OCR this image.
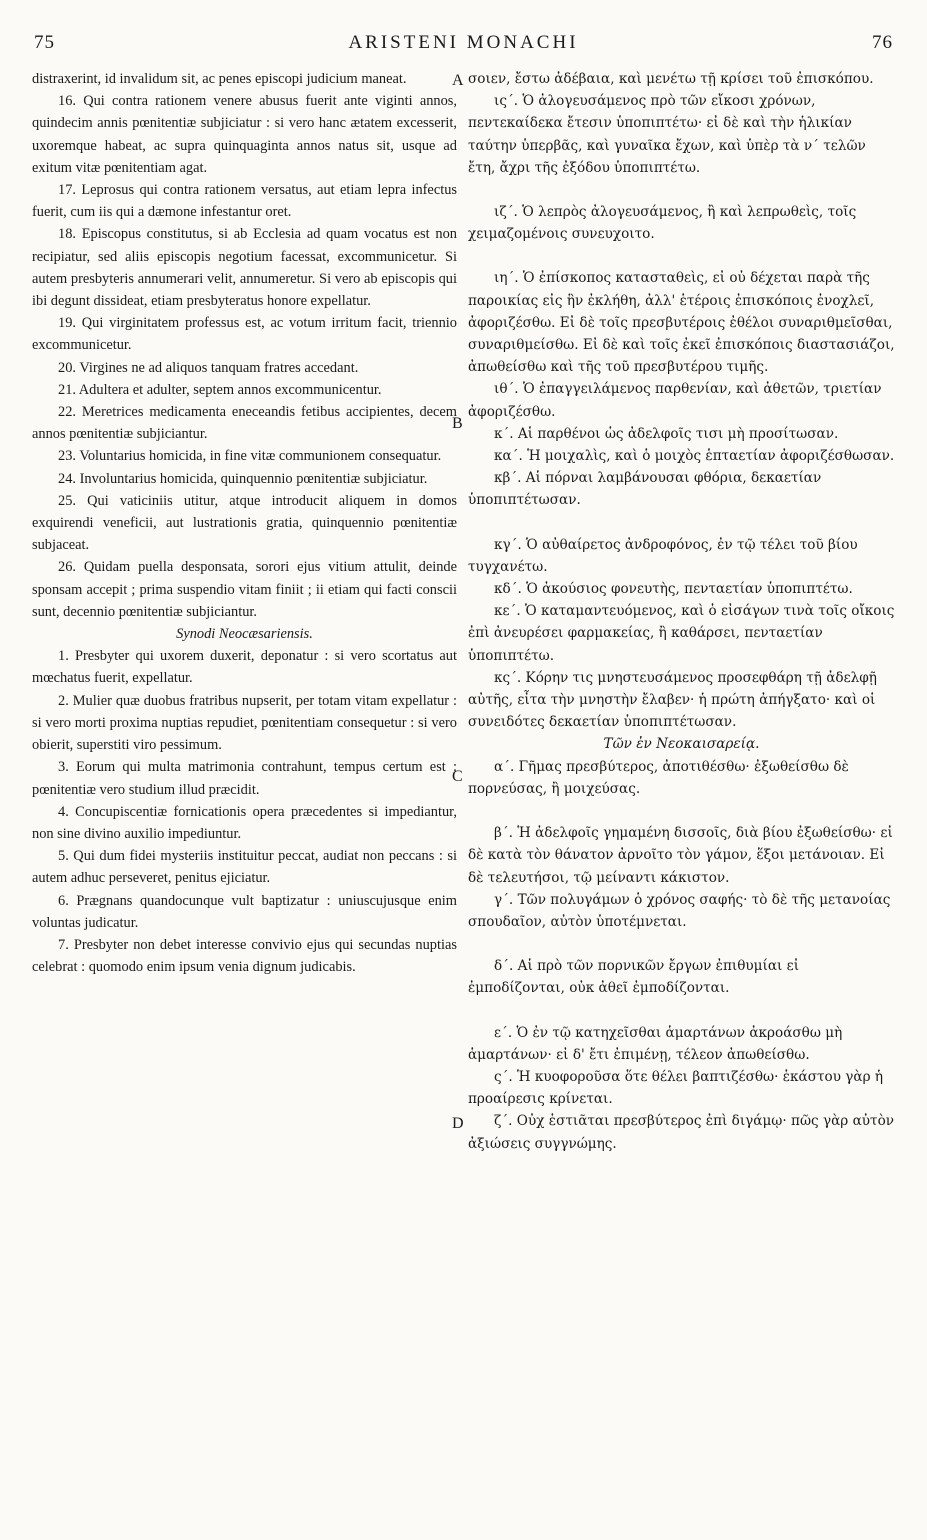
75	ARISTENI MONACHI	76
A
B
C
D

distraxerint, id invalidum sit, ac penes episcopi judicium maneat.

16. Qui contra rationem venere abusus fuerit ante viginti annos, quindecim annis pœnitentiæ subjiciatur : si vero hanc ætatem excesserit, uxoremque habeat, ac supra quinquaginta annos natus sit, usque ad exitum vitæ pœnitentiam agat.

17. Leprosus qui contra rationem versatus, aut etiam lepra infectus fuerit, cum iis qui a dæmone infestantur oret.

18. Episcopus constitutus, si ab Ecclesia ad quam vocatus est non recipiatur, sed aliis episcopis negotium facessat, excommunicetur. Si autem presbyteris annumerari velit, annumeretur. Si vero ab episcopis qui ibi degunt dissideat, etiam presbyteratus honore expellatur.

19. Qui virginitatem professus est, ac votum irritum facit, triennio excommunicetur.

20. Virgines ne ad aliquos tanquam fratres accedant.

21. Adultera et adulter, septem annos excommunicentur.

22. Meretrices medicamenta eneceandis fetibus accipientes, decem annos pœnitentiæ subjiciantur.

23. Voluntarius homicida, in fine vitæ communionem consequatur.

24. Involuntarius homicida, quinquennio pœnitentiæ subjiciatur.

25. Qui vaticiniis utitur, atque introducit aliquem in domos exquirendi veneficii, aut lustrationis gratia, quinquennio pœnitentiæ subjaceat.

26. Quidam puella desponsata, sorori ejus vitium attulit, deinde sponsam accepit ; prima suspendio vitam finiit ; ii etiam qui facti conscii sunt, decennio pœnitentiæ subjiciantur.

Synodi Neocæsariensis.

1. Presbyter qui uxorem duxerit, deponatur : si vero scortatus aut mœchatus fuerit, expellatur.

2. Mulier quæ duobus fratribus nupserit, per totam vitam expellatur : si vero morti proxima nuptias repudiet, pœnitentiam consequetur : si vero obierit, superstiti viro pessimum.

3. Eorum qui multa matrimonia contrahunt, tempus certum est : pœnitentiæ vero studium illud præcidit.

4. Concupiscentiæ fornicationis opera præcedentes si impediantur, non sine divino auxilio impediuntur.

5. Qui dum fidei mysteriis instituitur peccat, audiat non peccans : si autem adhuc perseveret, penitus ejiciatur.

6. Prægnans quandocunque vult baptizatur : uniuscujusque enim voluntas judicatur.

7. Presbyter non debet interesse convivio ejus qui secundas nuptias celebrat : quomodo enim ipsum venia dignum judicabis.

σοιεν, ἔστω ἀδέβαια, καὶ μενέτω τῇ κρίσει τοῦ ἐπισκόπου.

ις΄. Ὁ ἀλογευσάμενος πρὸ τῶν εἴκοσι χρόνων, πεντεκαίδεκα ἔτεσιν ὑποπιπτέτω· εἰ δὲ καὶ τὴν ἡλικίαν ταύτην ὑπερβᾶς, καὶ γυναῖκα ἔχων, καὶ ὑπὲρ τὰ ν΄ τελῶν ἔτη, ἄχρι τῆς ἐξόδου ὑποπιπτέτω.

ιζ΄. Ὁ λεπρὸς ἀλογευσάμενος, ἢ καὶ λεπρωθεὶς, τοῖς χειμαζομένοις συνευχοιτο.

ιη΄. Ὁ ἐπίσκοπος κατασταθεὶς, εἰ οὐ δέχεται παρὰ τῆς παροικίας εἰς ἣν ἐκλήθη, ἀλλ' ἑτέροις ἐπισκόποις ἐνοχλεῖ, ἀφοριζέσθω. Εἰ δὲ τοῖς πρεσβυτέροις ἐθέλοι συναριθμεῖσθαι, συναριθμείσθω. Εἰ δὲ καὶ τοῖς ἐκεῖ ἐπισκόποις διαστασιάζοι, ἀπωθείσθω καὶ τῆς τοῦ πρεσβυτέρου τιμῆς.

ιθ΄. Ὁ ἐπαγγειλάμενος παρθενίαν, καὶ ἀθετῶν, τριετίαν ἀφοριζέσθω.

κ΄. Αἱ παρθένοι ὡς ἀδελφοῖς τισι μὴ προσίτωσαν.

κα΄. Ἡ μοιχαλὶς, καὶ ὁ μοιχὸς ἑπταετίαν ἀφοριζέσθωσαν.

κβ΄. Αἱ πόρναι λαμβάνουσαι φθόρια, δεκαετίαν ὑποπιπτέτωσαν.

κγ΄. Ὁ αὐθαίρετος ἀνδροφόνος, ἐν τῷ τέλει τοῦ βίου τυγχανέτω.

κδ΄. Ὁ ἀκούσιος φονευτὴς, πενταετίαν ὑποπιπτέτω.

κε΄. Ὁ καταμαντευόμενος, καὶ ὁ εἰσάγων τινὰ τοῖς οἴκοις ἐπὶ ἀνευρέσει φαρμακείας, ἢ καθάρσει, πενταετίαν ὑποπιπτέτω.

κς΄. Κόρην τις μνηστευσάμενος προσεφθάρη τῇ ἀδελφῇ αὐτῆς, εἶτα τὴν μνηστὴν ἔλαβεν· ἡ πρώτη ἀπήγξατο· καὶ οἱ συνειδότες δεκαετίαν ὑποπιπτέτωσαν.

Τῶν ἐν Νεοκαισαρείᾳ.

α΄. Γῆμας πρεσβύτερος, ἀποτιθέσθω· ἐξωθείσθω δὲ πορνεύσας, ἢ μοιχεύσας.

β΄. Ἡ ἀδελφοῖς γημαμένη δισσοῖς, διὰ βίου ἐξωθείσθω· εἰ δὲ κατὰ τὸν θάνατον ἀρνοῖτο τὸν γάμον, ἕξοι μετάνοιαν. Εἰ δὲ τελευτήσοι, τῷ μείναντι κάκιστον.

γ΄. Τῶν πολυγάμων ὁ χρόνος σαφής· τὸ δὲ τῆς μετανοίας σπουδαῖον, αὐτὸν ὑποτέμνεται.

δ΄. Αἱ πρὸ τῶν πορνικῶν ἔργων ἐπιθυμίαι εἰ ἐμποδίζονται, οὐκ ἀθεῖ ἐμποδίζονται.

ε΄. Ὁ ἐν τῷ κατηχεῖσθαι ἁμαρτάνων ἀκροάσθω μὴ ἁμαρτάνων· εἰ δ' ἔτι ἐπιμένῃ, τέλεον ἀπωθείσθω.

ς΄. Ἡ κυοφοροῦσα ὅτε θέλει βαπτιζέσθω· ἑκάστου γὰρ ἡ προαίρεσις κρίνεται.

ζ΄. Οὐχ ἑστιᾶται πρεσβύτερος ἐπὶ διγάμῳ· πῶς γὰρ αὐτὸν ἀξιώσεις συγγνώμης.
